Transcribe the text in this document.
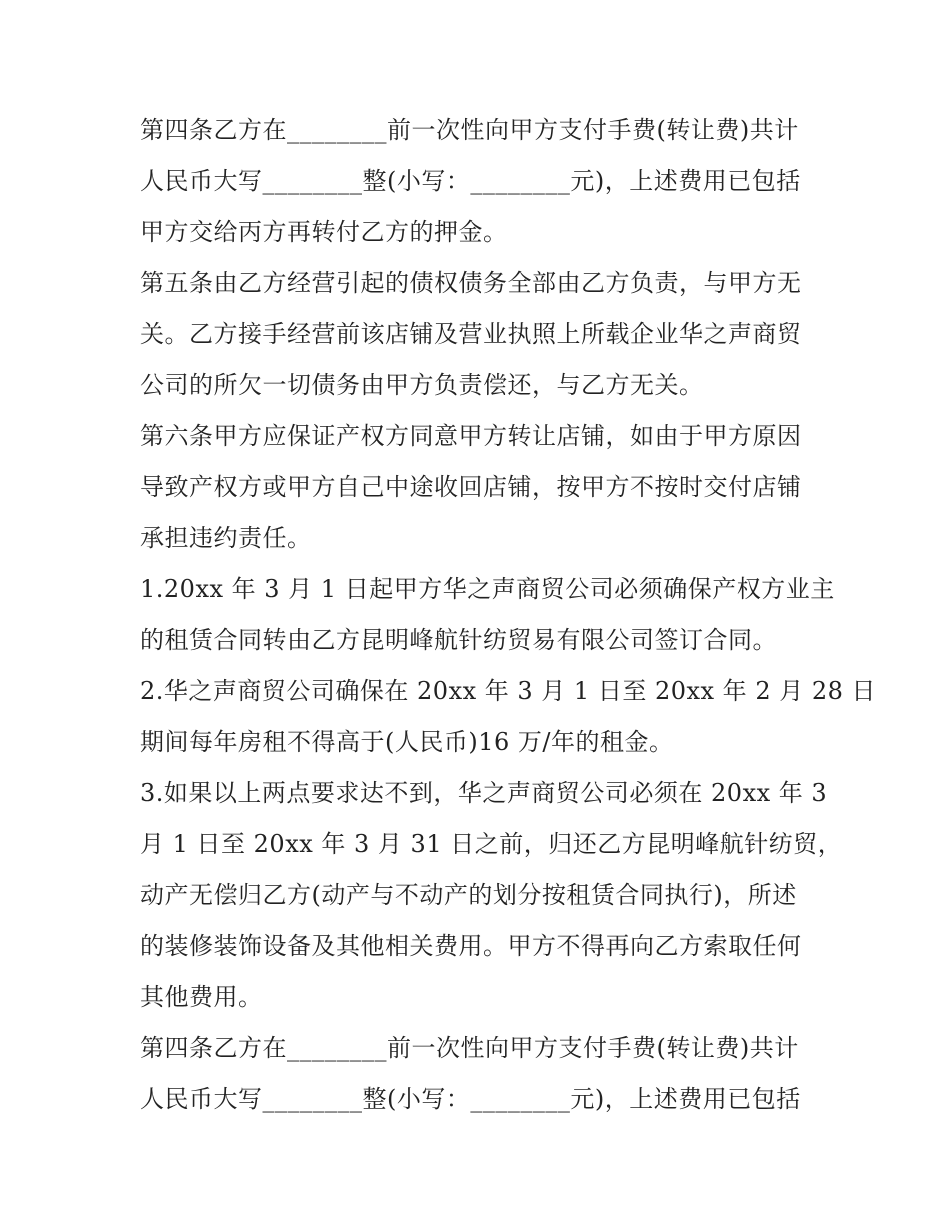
第四条乙方在________前一次性向甲方支付手费(转让费)共计
人民币大写________整(小写：________元)，上述费用已包括
甲方交给丙方再转付乙方的押金。

第五条由乙方经营引起的债权债务全部由乙方负责，与甲方无
关。乙方接手经营前该店铺及营业执照上所载企业华之声商贸
公司的所欠一切债务由甲方负责偿还，与乙方无关。

第六条甲方应保证产权方同意甲方转让店铺，如由于甲方原因
导致产权方或甲方自己中途收回店铺，按甲方不按时交付店铺
承担违约责任。

1.20xx 年 3 月 1 日起甲方华之声商贸公司必须确保产权方业主
的租赁合同转由乙方昆明峰航针纺贸易有限公司签订合同。

2.华之声商贸公司确保在 20xx 年 3 月 1 日至 20xx 年 2 月 28 日
期间每年房租不得高于(人民币)16 万/年的租金。

3.如果以上两点要求达不到，华之声商贸公司必须在 20xx 年 3
月 1 日至 20xx 年 3 月 31 日之前，归还乙方昆明峰航针纺贸，
动产无偿归乙方(动产与不动产的划分按租赁合同执行)，所述
的装修装饰设备及其他相关费用。甲方不得再向乙方索取任何
其他费用。

第四条乙方在________前一次性向甲方支付手费(转让费)共计
人民币大写________整(小写：________元)，上述费用已包括
